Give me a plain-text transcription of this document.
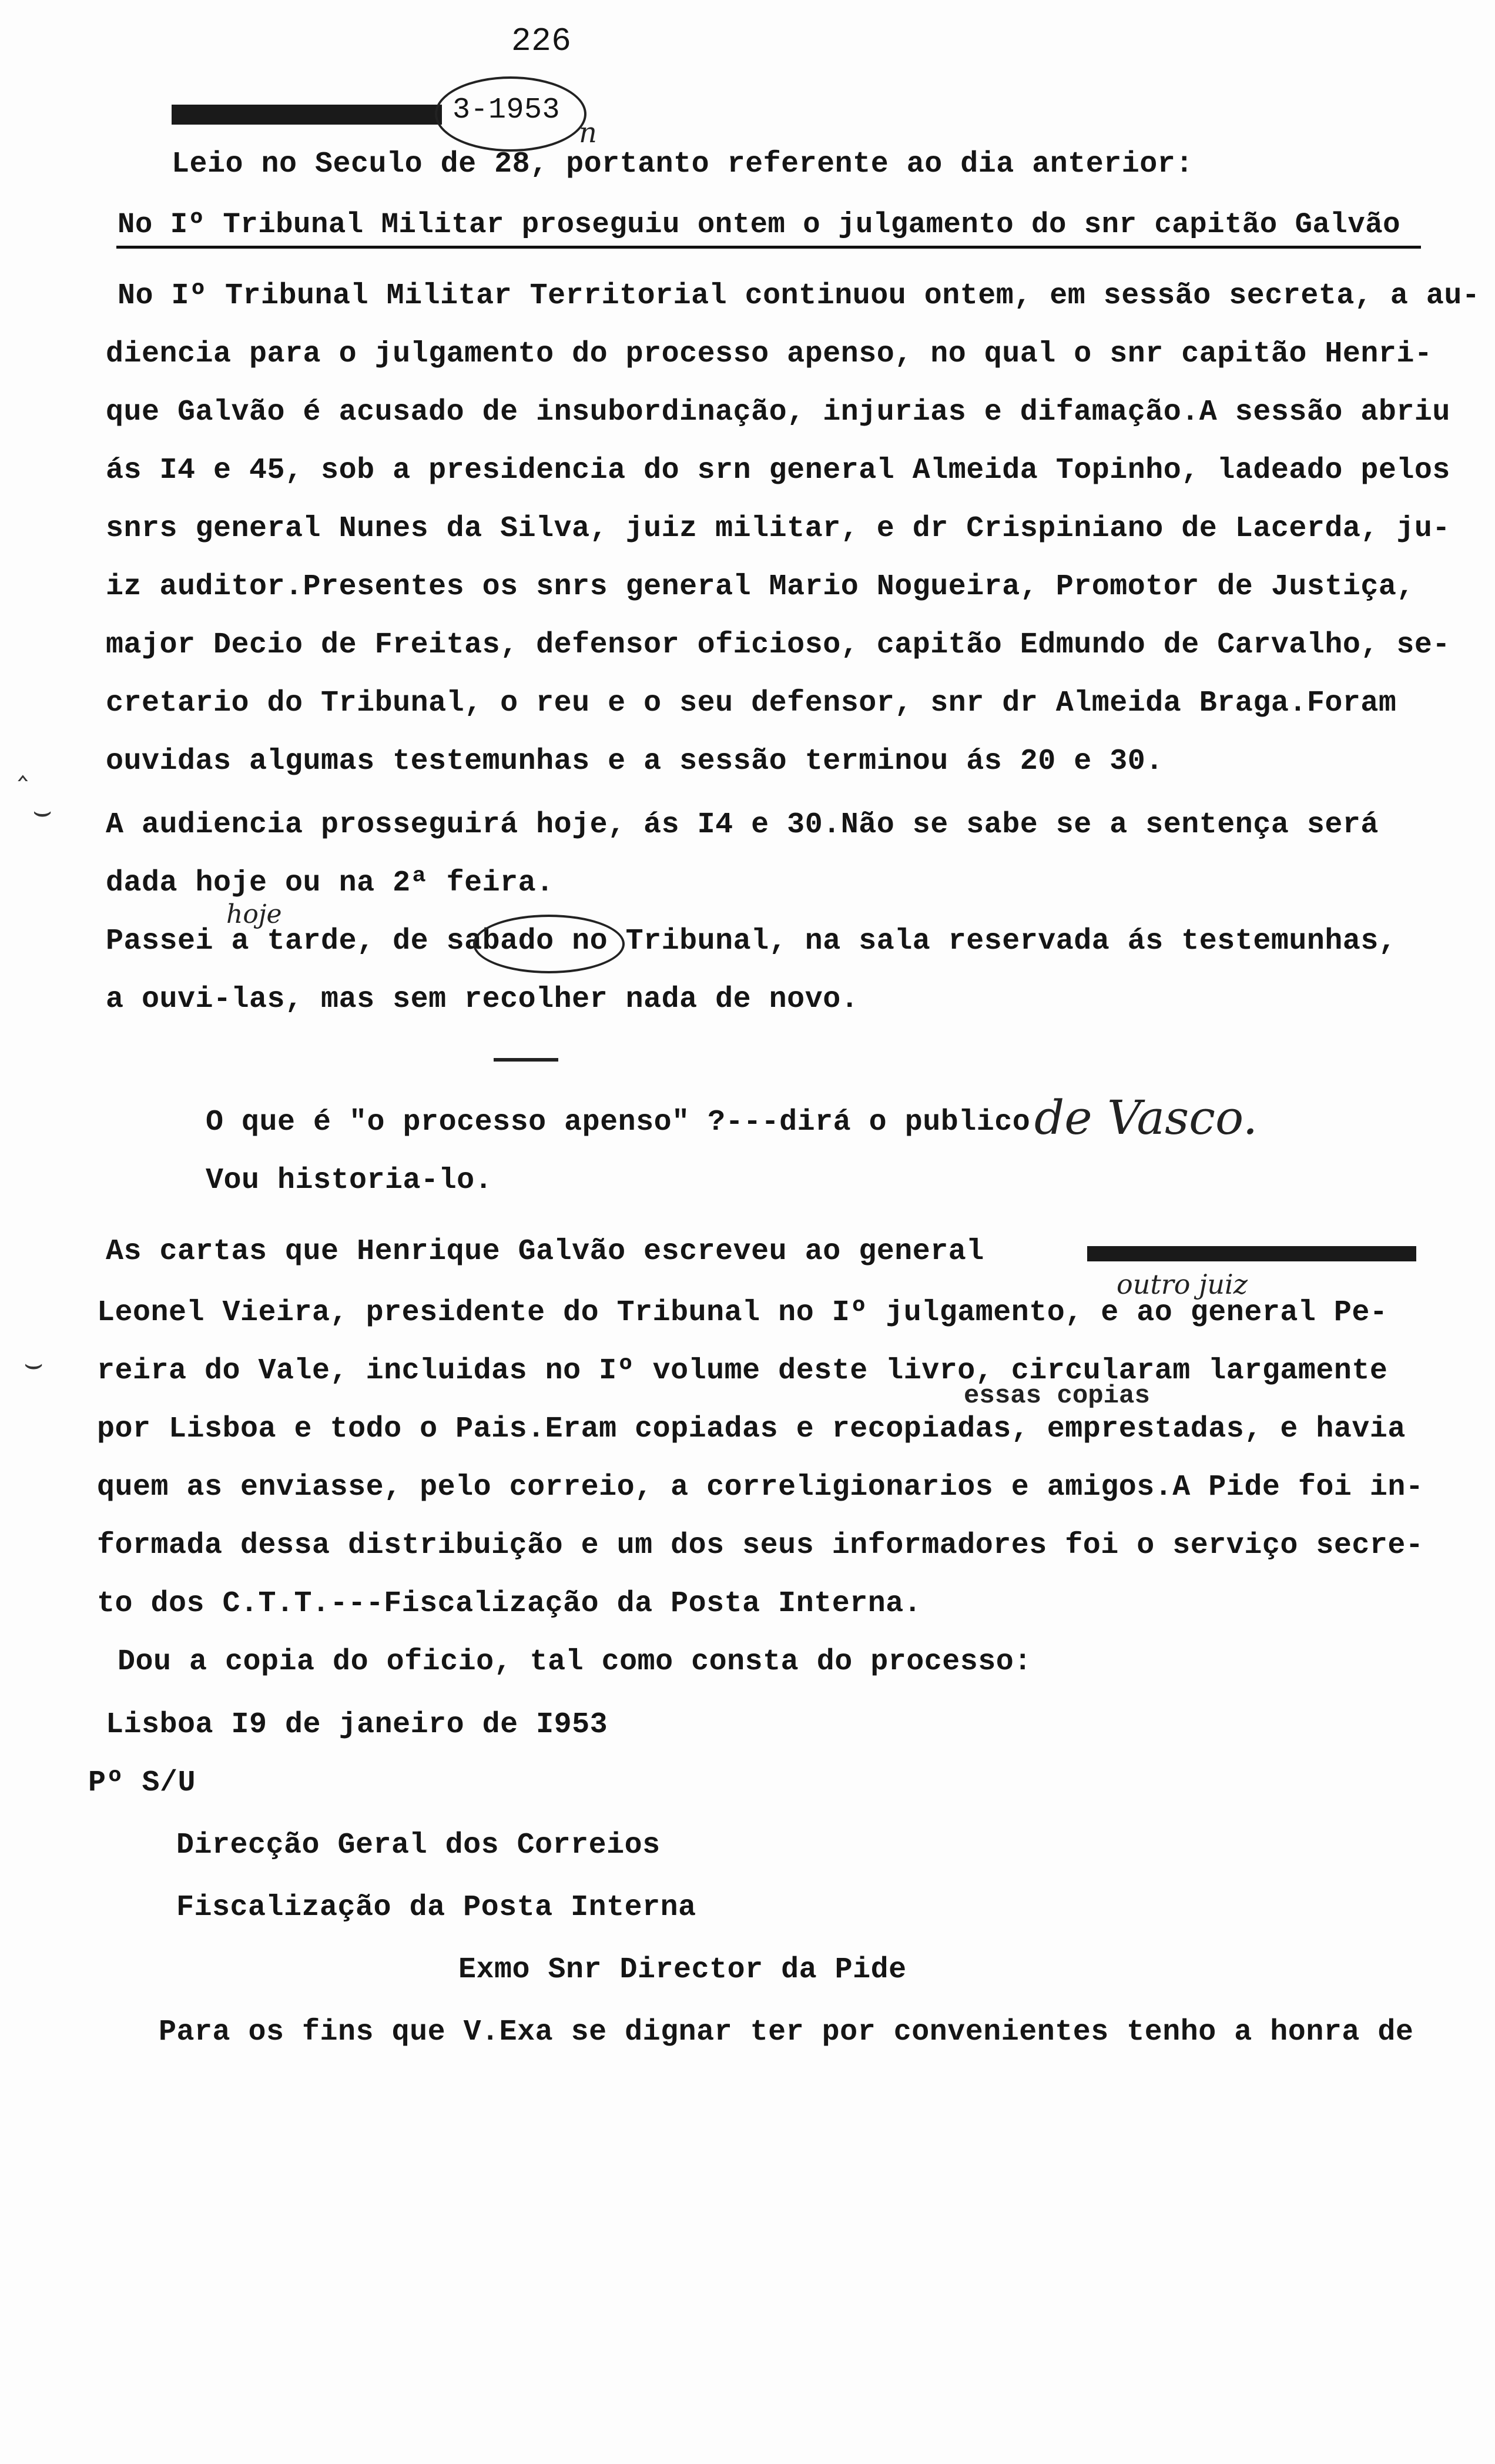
226
3-1953
n
Leio no Seculo de 28, portanto referente ao dia anterior:
No Iº Tribunal Militar proseguiu ontem o julgamento do snr capitão Galvão
No Iº Tribunal Militar Territorial continuou ontem, em sessão secreta, a au-
diencia para o julgamento do processo apenso, no qual o snr capitão Henri-
que Galvão é acusado de insubordinação, injurias e difamação.A sessão abriu
ás I4 e 45, sob a presidencia do srn general Almeida Topinho, ladeado pelos
snrs general Nunes da Silva, juiz militar, e dr Crispiniano de Lacerda, ju-
iz auditor.Presentes os snrs general Mario Nogueira, Promotor de Justiça,
major Decio de Freitas, defensor oficioso, capitão Edmundo de Carvalho, se-
cretario do Tribunal, o reu e o seu defensor, snr dr Almeida Braga.Foram
ouvidas algumas testemunhas e a sessão terminou ás 20 e 30.
‸
A audiencia prosseguirá hoje, ás I4 e 30.Não se sabe se a sentença será
⌣
dada hoje ou na 2ª feira.
hoje
Passei a tarde, de sabado no Tribunal, na sala reservada ás testemunhas,
a ouvi-las, mas sem recolher nada de novo.
O que é "o processo apenso" ?---dirá o publico de Vasco.
Vou historia-lo.
As cartas que Henrique Galvão escreveu ao general
outro juiz
Leonel Vieira, presidente do Tribunal no Iº julgamento, e ao general Pe-
reira do Vale, incluidas no Iº volume deste livro, circularam largamente
⌣
essas copias
por Lisboa e todo o Pais.Eram copiadas e recopiadas, emprestadas, e havia
quem as enviasse, pelo correio, a correligionarios e amigos.A Pide foi in-
formada dessa distribuição e um dos seus informadores foi o serviço secre-
to dos C.T.T.---Fiscalização da Posta Interna.
Dou a copia do oficio, tal como consta do processo:
Lisboa I9 de janeiro de I953
Pº S/U
Direcção Geral dos Correios
Fiscalização da Posta Interna
Exmo Snr Director da Pide
Para os fins que V.Exa se dignar ter por convenientes tenho a honra de
